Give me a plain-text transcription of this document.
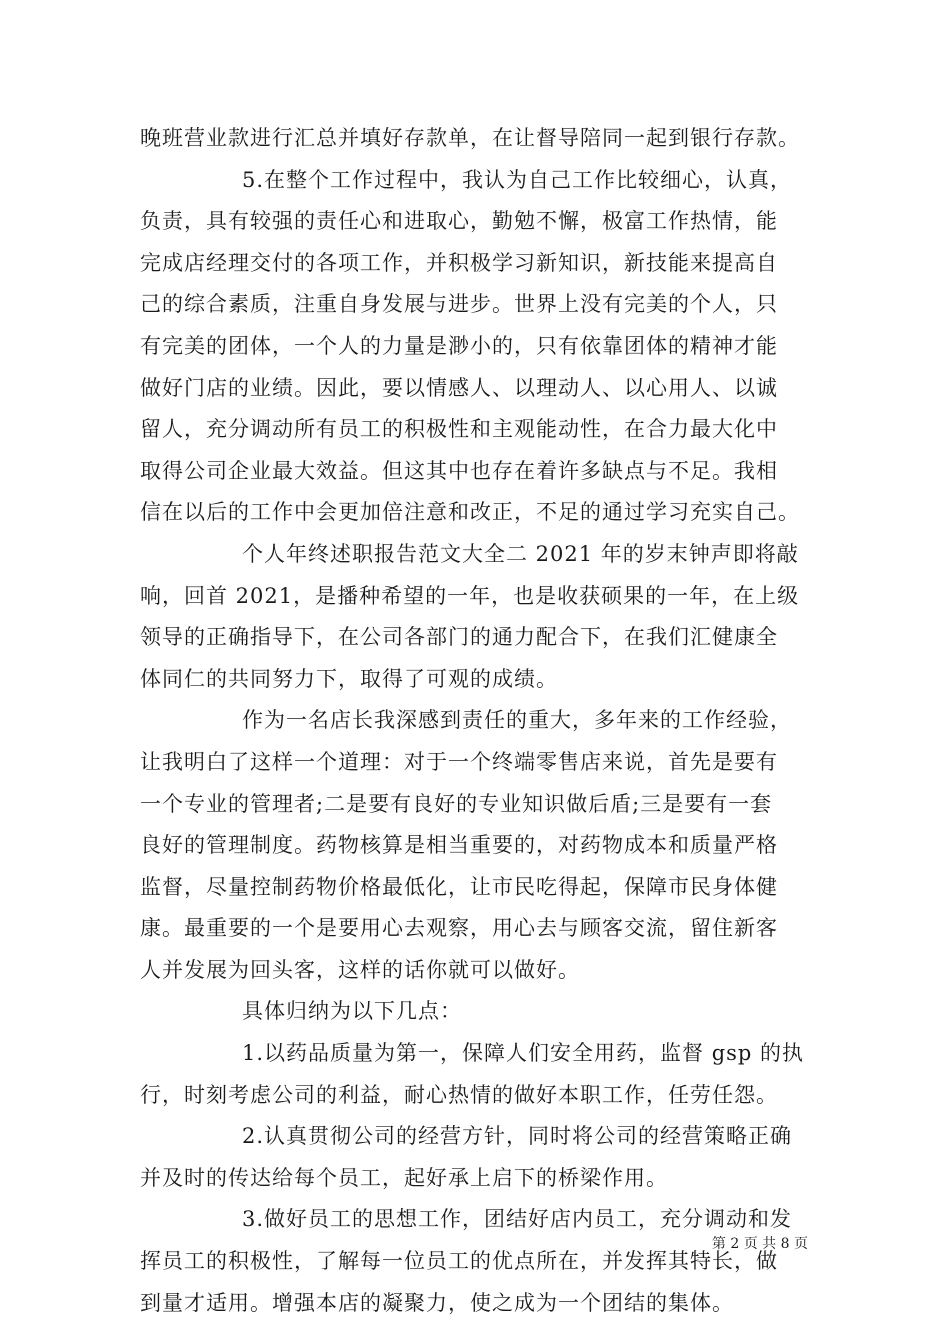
晚班营业款进行汇总并填好存款单，在让督导陪同一起到银行存款。
5.在整个工作过程中，我认为自己工作比较细心，认真，
负责，具有较强的责任心和进取心，勤勉不懈，极富工作热情，能
完成店经理交付的各项工作，并积极学习新知识，新技能来提高自
己的综合素质，注重自身发展与进步。世界上没有完美的个人，只
有完美的团体，一个人的力量是渺小的，只有依靠团体的精神才能
做好门店的业绩。因此，要以情感人、以理动人、以心用人、以诚
留人，充分调动所有员工的积极性和主观能动性，在合力最大化中
取得公司企业最大效益。但这其中也存在着许多缺点与不足。我相
信在以后的工作中会更加倍注意和改正，不足的通过学习充实自己。
个人年终述职报告范文大全二 2021 年的岁末钟声即将敲
响，回首 2021，是播种希望的一年，也是收获硕果的一年，在上级
领导的正确指导下，在公司各部门的通力配合下，在我们汇健康全
体同仁的共同努力下，取得了可观的成绩。
作为一名店长我深感到责任的重大，多年来的工作经验，
让我明白了这样一个道理：对于一个终端零售店来说，首先是要有
一个专业的管理者;二是要有良好的专业知识做后盾;三是要有一套
良好的管理制度。药物核算是相当重要的，对药物成本和质量严格
监督，尽量控制药物价格最低化，让市民吃得起，保障市民身体健
康。最重要的一个是要用心去观察，用心去与顾客交流，留住新客
人并发展为回头客，这样的话你就可以做好。
具体归纳为以下几点：
1.以药品质量为第一，保障人们安全用药，监督 gsp 的执
行，时刻考虑公司的利益，耐心热情的做好本职工作，任劳任怨。
2.认真贯彻公司的经营方针，同时将公司的经营策略正确
并及时的传达给每个员工，起好承上启下的桥梁作用。
3.做好员工的思想工作，团结好店内员工，充分调动和发
挥员工的积极性，了解每一位员工的优点所在，并发挥其特长，做
到量才适用。增强本店的凝聚力，使之成为一个团结的集体。
第 2 页 共 8 页
